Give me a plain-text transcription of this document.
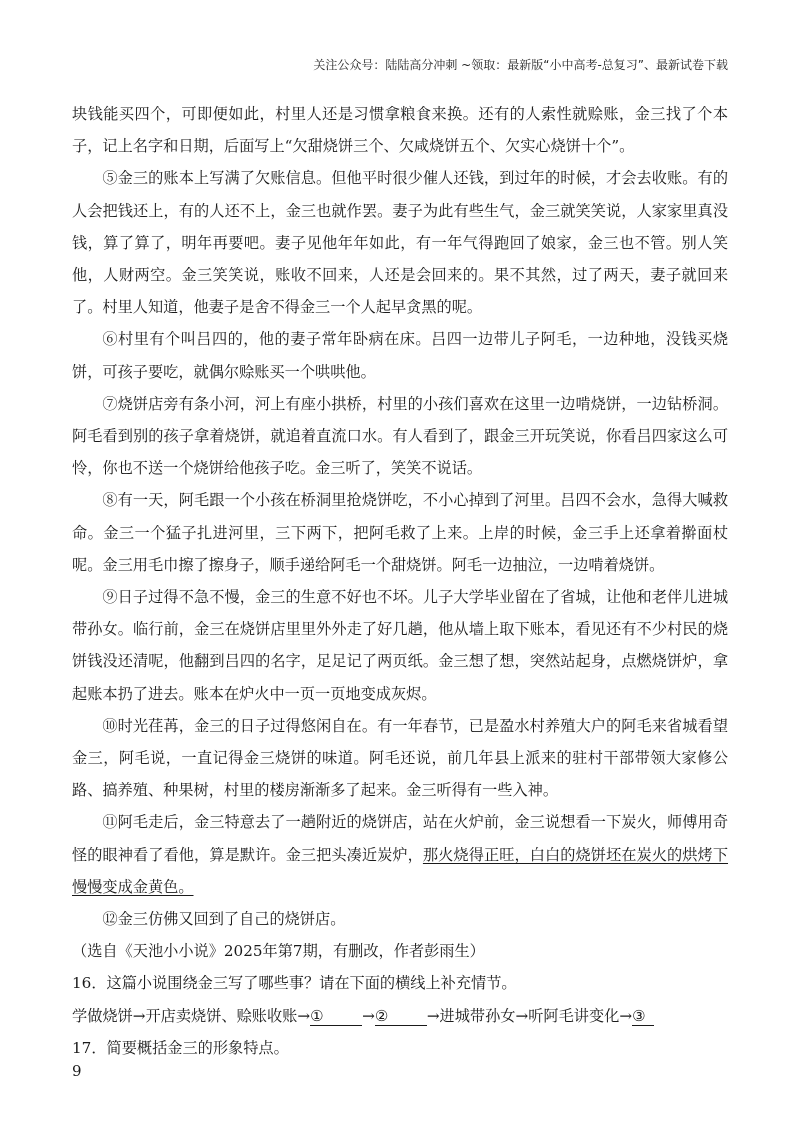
关注公众号：陆陆高分冲刺 ~领取：最新版“小中高考-总复习”、最新试卷下载

块钱能买四个，可即便如此，村里人还是习惯拿粮食来换。还有的人索性就赊账，金三找了个本子，记上名字和日期，后面写上“欠甜烧饼三个、欠咸烧饼五个、欠实心烧饼十个”。

⑤金三的账本上写满了欠账信息。但他平时很少催人还钱，到过年的时候，才会去收账。有的人会把钱还上，有的人还不上，金三也就作罢。妻子为此有些生气，金三就笑笑说，人家家里真没钱，算了算了，明年再要吧。妻子见他年年如此，有一年气得跑回了娘家，金三也不管。别人笑他，人财两空。金三笑笑说，账收不回来，人还是会回来的。果不其然，过了两天，妻子就回来了。村里人知道，他妻子是舍不得金三一个人起早贪黑的呢。

⑥村里有个叫吕四的，他的妻子常年卧病在床。吕四一边带儿子阿毛，一边种地，没钱买烧饼，可孩子要吃，就偶尔赊账买一个哄哄他。

⑦烧饼店旁有条小河，河上有座小拱桥，村里的小孩们喜欢在这里一边啃烧饼，一边钻桥洞。阿毛看到别的孩子拿着烧饼，就追着直流口水。有人看到了，跟金三开玩笑说，你看吕四家这么可怜，你也不送一个烧饼给他孩子吃。金三听了，笑笑不说话。

⑧有一天，阿毛跟一个小孩在桥洞里抢烧饼吃，不小心掉到了河里。吕四不会水，急得大喊救命。金三一个猛子扎进河里，三下两下，把阿毛救了上来。上岸的时候，金三手上还拿着擀面杖呢。金三用毛巾擦了擦身子，顺手递给阿毛一个甜烧饼。阿毛一边抽泣，一边啃着烧饼。

⑨日子过得不急不慢，金三的生意不好也不坏。儿子大学毕业留在了省城，让他和老伴儿进城带孙女。临行前，金三在烧饼店里里外外走了好几趟，他从墙上取下账本，看见还有不少村民的烧饼钱没还清呢，他翻到吕四的名字，足足记了两页纸。金三想了想，突然站起身，点燃烧饼炉，拿起账本扔了进去。账本在炉火中一页一页地变成灰烬。

⑩时光荏苒，金三的日子过得悠闲自在。有一年春节，已是盈水村养殖大户的阿毛来省城看望金三，阿毛说，一直记得金三烧饼的味道。阿毛还说，前几年县上派来的驻村干部带领大家修公路、搞养殖、种果树，村里的楼房渐渐多了起来。金三听得有一些入神。

⑪阿毛走后，金三特意去了一趟附近的烧饼店，站在火炉前，金三说想看一下炭火，师傅用奇怪的眼神看了看他，算是默许。金三把头凑近炭炉，那火烧得正旺，白白的烧饼坯在炭火的烘烤下慢慢变成金黄色。

⑫金三仿佛又回到了自己的烧饼店。

（选自《天池小小说》2025年第7期，有删改，作者彭雨生）

16．这篇小说围绕金三写了哪些事？请在下面的横线上补充情节。

学做烧饼→开店卖烧饼、赊账收账→①	→②	→进城带孙女→听阿毛讲变化→③

17．简要概括金三的形象特点。

9
